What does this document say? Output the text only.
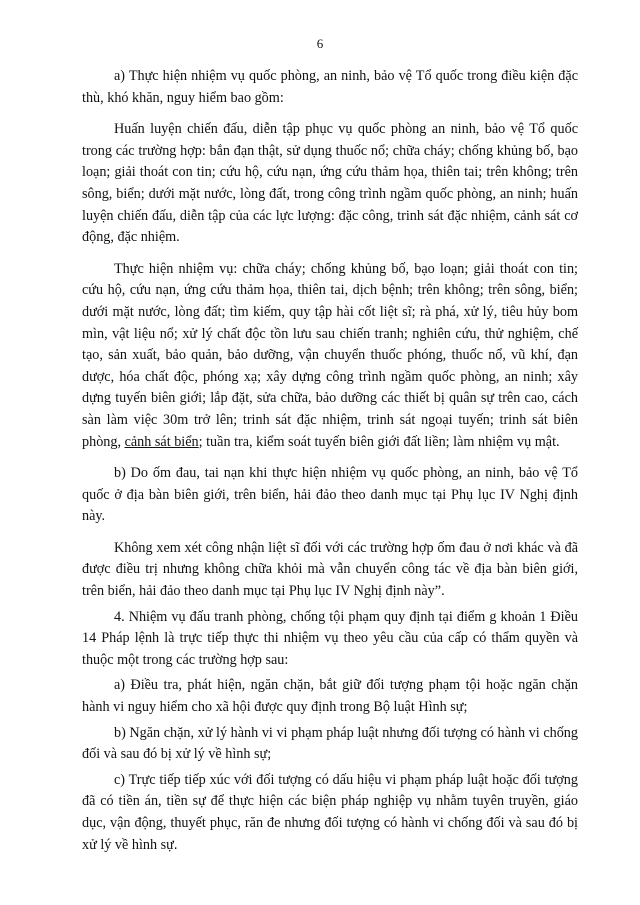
6

a) Thực hiện nhiệm vụ quốc phòng, an ninh, bảo vệ Tổ quốc trong điều kiện đặc thù, khó khăn, nguy hiểm bao gồm:

Huấn luyện chiến đấu, diễn tập phục vụ quốc phòng an ninh, bảo vệ Tổ quốc trong các trường hợp: bắn đạn thật, sử dụng thuốc nổ; chữa cháy; chống khủng bố, bạo loạn; giải thoát con tin; cứu hộ, cứu nạn, ứng cứu thảm họa, thiên tai; trên không; trên sông, biển; dưới mặt nước, lòng đất, trong công trình ngầm quốc phòng, an ninh; huấn luyện chiến đấu, diễn tập của các lực lượng: đặc công, trinh sát đặc nhiệm, cảnh sát cơ động, đặc nhiệm.

Thực hiện nhiệm vụ: chữa cháy; chống khủng bố, bạo loạn; giải thoát con tin; cứu hộ, cứu nạn, ứng cứu thảm họa, thiên tai, dịch bệnh; trên không; trên sông, biển; dưới mặt nước, lòng đất; tìm kiếm, quy tập hài cốt liệt sĩ; rà phá, xử lý, tiêu hủy bom mìn, vật liệu nổ; xử lý chất độc tồn lưu sau chiến tranh; nghiên cứu, thử nghiệm, chế tạo, sản xuất, bảo quản, bảo dưỡng, vận chuyển thuốc phóng, thuốc nổ, vũ khí, đạn dược, hóa chất độc, phóng xạ; xây dựng công trình ngầm quốc phòng, an ninh; xây dựng tuyến biên giới; lắp đặt, sửa chữa, bảo dưỡng các thiết bị quân sự trên cao, cách sàn làm việc 30m trở lên; trinh sát đặc nhiệm, trinh sát ngoại tuyến; trinh sát biên phòng, cảnh sát biển; tuần tra, kiểm soát tuyến biên giới đất liền; làm nhiệm vụ mật.

b) Do ốm đau, tai nạn khi thực hiện nhiệm vụ quốc phòng, an ninh, bảo vệ Tổ quốc ở địa bàn biên giới, trên biển, hải đảo theo danh mục tại Phụ lục IV Nghị định này.

Không xem xét công nhận liệt sĩ đối với các trường hợp ốm đau ở nơi khác và đã được điều trị nhưng không chữa khỏi mà vẫn chuyển công tác về địa bàn biên giới, trên biển, hải đảo theo danh mục tại Phụ lục IV Nghị định này”.

4. Nhiệm vụ đấu tranh phòng, chống tội phạm quy định tại điểm g khoản 1 Điều 14 Pháp lệnh là trực tiếp thực thi nhiệm vụ theo yêu cầu của cấp có thẩm quyền và thuộc một trong các trường hợp sau:

a) Điều tra, phát hiện, ngăn chặn, bắt giữ đối tượng phạm tội hoặc ngăn chặn hành vi nguy hiểm cho xã hội được quy định trong Bộ luật Hình sự;

b) Ngăn chặn, xử lý hành vi vi phạm pháp luật nhưng đối tượng có hành vi chống đối và sau đó bị xử lý về hình sự;

c) Trực tiếp tiếp xúc với đối tượng có dấu hiệu vi phạm pháp luật hoặc đối tượng đã có tiền án, tiền sự để thực hiện các biện pháp nghiệp vụ nhằm tuyên truyền, giáo dục, vận động, thuyết phục, răn đe nhưng đối tượng có hành vi chống đối và sau đó bị xử lý về hình sự.
